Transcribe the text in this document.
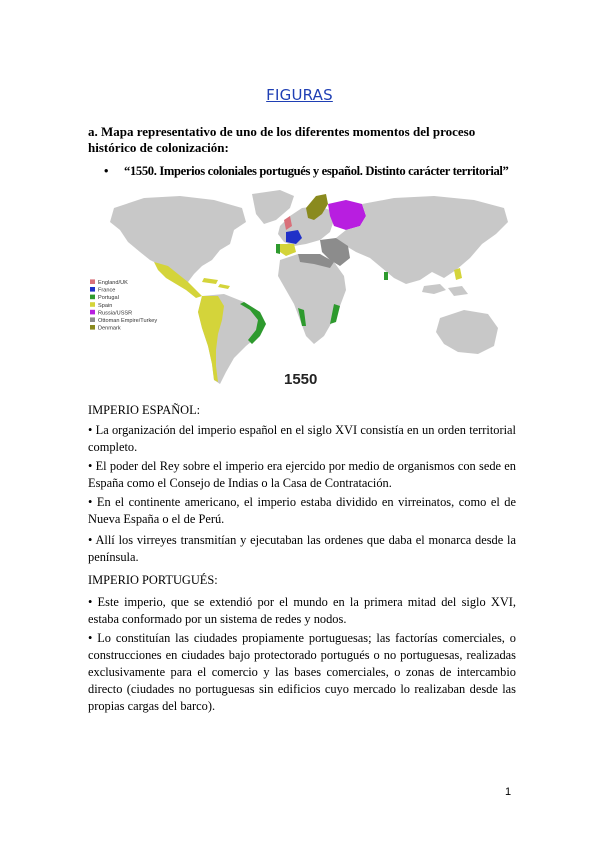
FIGURAS
a. Mapa representativo de uno de los diferentes momentos del proceso histórico de colonización:
• “1550. Imperios coloniales portugués y español. Distinto carácter territorial”
England/UK
France
Portugal
Spain
Russia/USSR
Ottoman Empire/Turkey
Denmark
1550
IMPERIO ESPAÑOL:
• La organización del imperio español en el siglo XVI consistía en un orden territorial completo.
• El poder del Rey sobre el imperio era ejercido por medio de organismos con sede en España como el Consejo de Indias o la Casa de Contratación.
• En el continente americano, el imperio estaba dividido en virreinatos, como el de Nueva España o el de Perú.
• Allí los virreyes transmitían y ejecutaban las ordenes que daba el monarca desde la península.
IMPERIO PORTUGUÉS:
• Este imperio, que se extendió por el mundo en la primera mitad del siglo XVI, estaba conformado por un sistema de redes y nodos.
• Lo constituían las ciudades propiamente portuguesas; las factorías comerciales, o construcciones en ciudades bajo protectorado portugués o no portuguesas, realizadas exclusivamente para el comercio y las bases comerciales, o zonas de intercambio directo (ciudades no portuguesas sin edificios cuyo mercado lo realizaban desde las propias cargas del barco).
1
